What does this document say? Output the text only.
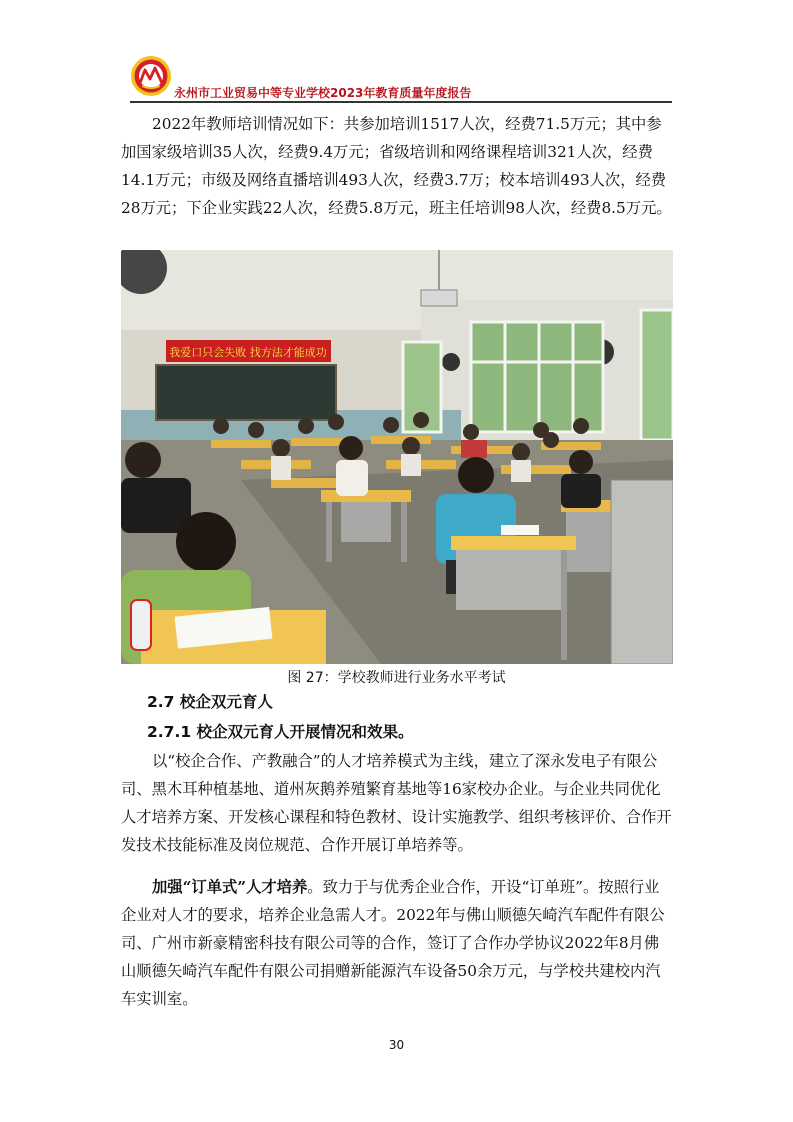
永州市工业贸易中等专业学校2023年教育质量年度报告

2022年教师培训情况如下：共参加培训1517人次，经费71.5万元；其中参加国家级培训35人次，经费9.4万元；省级培训和网络课程培训321人次，经费14.1万元；市级及网络直播培训493人次，经费3.7万；校本培训493人次，经费28万元；下企业实践22人次，经费5.8万元，班主任培训98人次，经费8.5万元。

我爱口只会失败 找方法才能成功
图 27：学校教师进行业务水平考试
2.7 校企双元育人
2.7.1 校企双元育人开展情况和效果。

以“校企合作、产教融合”的人才培养模式为主线，建立了深永发电子有限公司、黑木耳种植基地、道州灰鹅养殖繁育基地等16家校办企业。与企业共同优化人才培养方案、开发核心课程和特色教材、设计实施教学、组织考核评价、合作开发技术技能标准及岗位规范、合作开展订单培养等。

加强“订单式”人才培养。致力于与优秀企业合作，开设“订单班”。按照行业企业对人才的要求，培养企业急需人才。2022年与佛山顺德矢崎汽车配件有限公司、广州市新豪精密科技有限公司等的合作，签订了合作办学协议2022年8月佛山顺德矢崎汽车配件有限公司捐赠新能源汽车设备50余万元，与学校共建校内汽车实训室。

30
